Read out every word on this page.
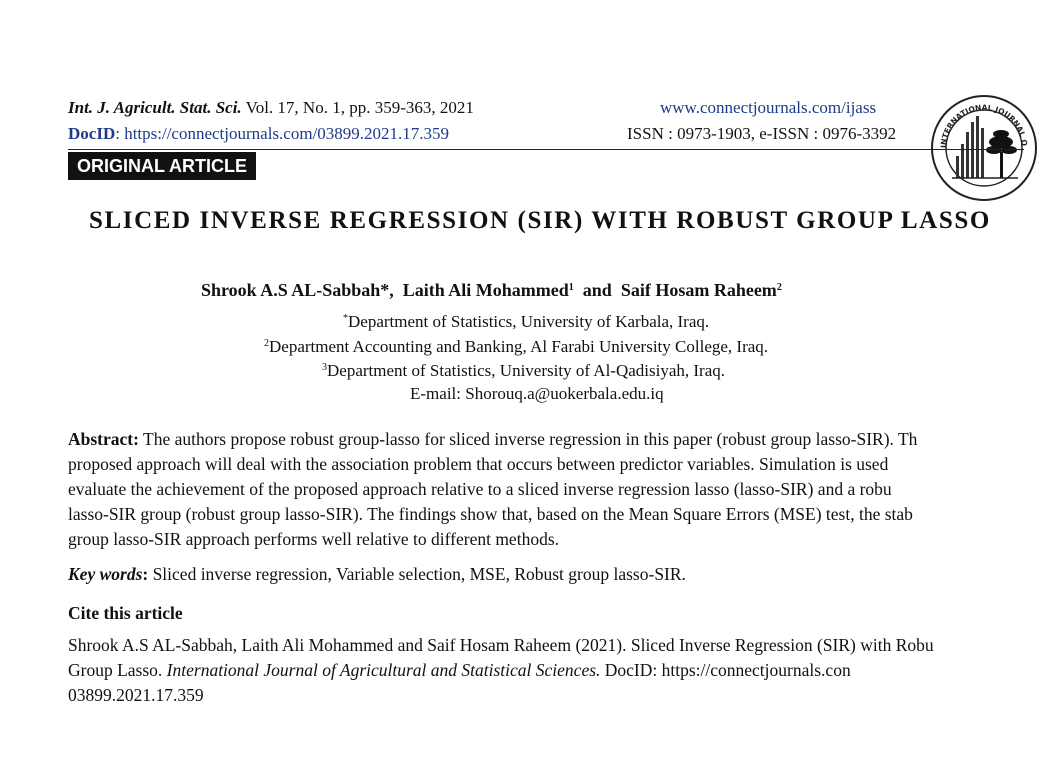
Int. J. Agricult. Stat. Sci. Vol. 17, No. 1, pp. 359-363, 2021
DocID: https://connectjournals.com/03899.2021.17.359
www.connectjournals.com/ijass
ISSN : 0973-1903, e-ISSN : 0976-3392
INTERNATIONAL JOURNAL O
ORIGINAL ARTICLE
SLICED INVERSE REGRESSION (SIR) WITH ROBUST GROUP LASSO
Shrook A.S AL-Sabbah*, Laith Ali Mohammed$^1$ and Saif Hosam Raheem$^2$
*Department of Statistics, University of Karbala, Iraq.
$^2$Department Accounting and Banking, Al Farabi University College, Iraq.
$^3$Department of Statistics, University of Al-Qadisiyah, Iraq.
E-mail: Shorouq.a@uokerbala.edu.iq
Abstract: The authors propose robust group-lasso for sliced inverse regression in this paper (robust group lasso-SIR). Th
proposed approach will deal with the association problem that occurs between predictor variables. Simulation is used
evaluate the achievement of the proposed approach relative to a sliced inverse regression lasso (lasso-SIR) and a robu
lasso-SIR group (robust group lasso-SIR). The findings show that, based on the Mean Square Errors (MSE) test, the stab
group lasso-SIR approach performs well relative to different methods.
Key words: Sliced inverse regression, Variable selection, MSE, Robust group lasso-SIR.
Cite this article
Shrook A.S AL-Sabbah, Laith Ali Mohammed and Saif Hosam Raheem (2021). Sliced Inverse Regression (SIR) with Robu
Group Lasso. International Journal of Agricultural and Statistical Sciences. DocID: https://connectjournals.con
03899.2021.17.359
